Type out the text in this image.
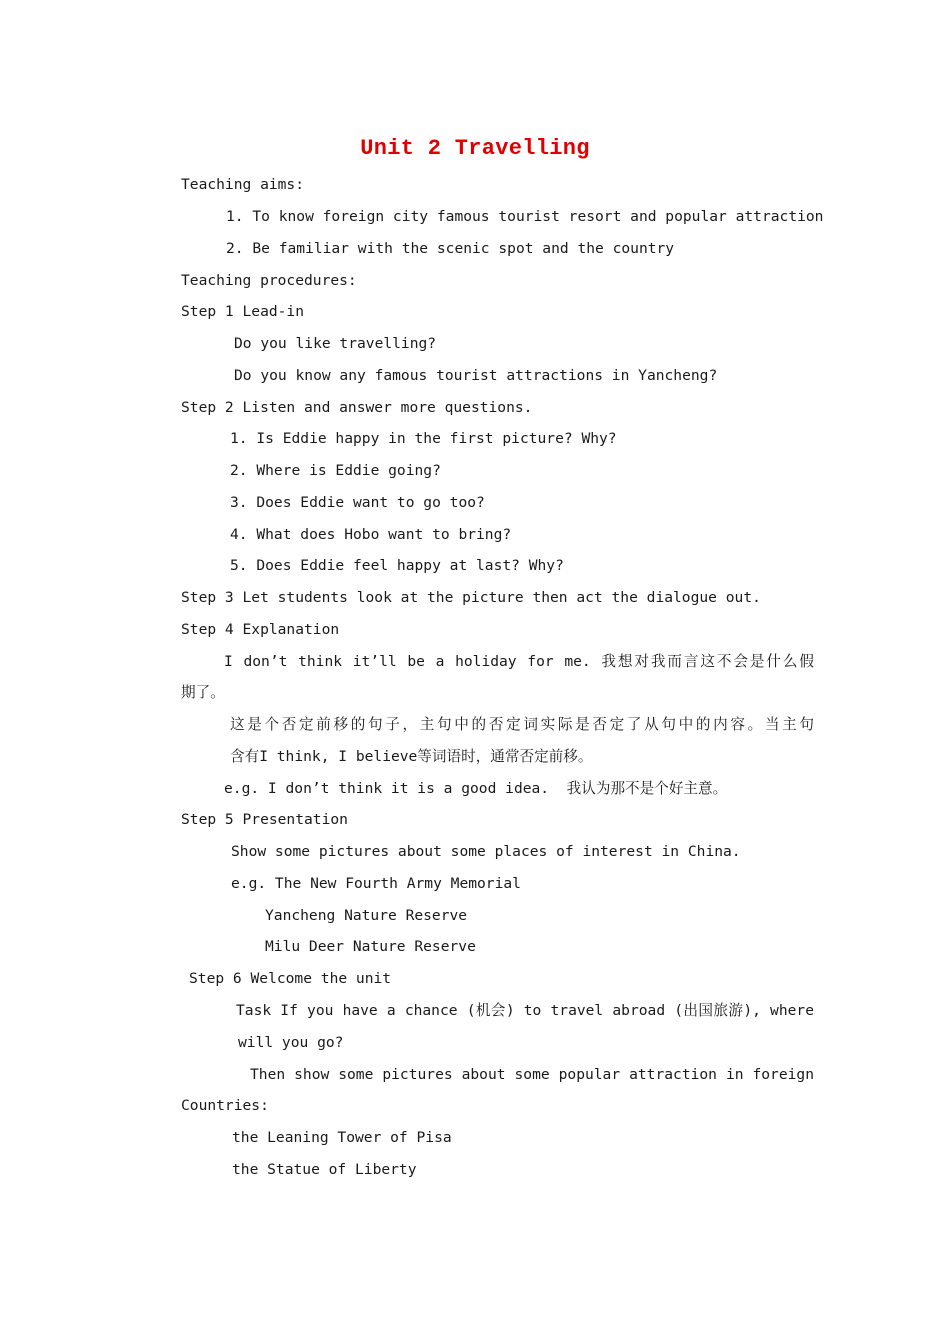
Unit 2 Travelling
Teaching aims:
1. To know foreign city famous tourist resort and popular attraction
2. Be familiar with the scenic spot and the country
Teaching procedures:
Step 1 Lead-in
Do you like travelling?
Do you know any famous tourist attractions in Yancheng?
Step 2 Listen and answer more questions.
1. Is Eddie happy in the first picture? Why?
2. Where is Eddie going?
3. Does Eddie want to go too?
4. What does Hobo want to bring?
5. Does Eddie feel happy at last? Why?
Step 3 Let students look at the picture then act the dialogue out.
Step 4 Explanation
I don’t think it’ll be a holiday for me. 我想对我而言这不会是什么假
期了。
这是个否定前移的句子，主句中的否定词实际是否定了从句中的内容。当主句
含有I think, I believe等词语时，通常否定前移。
e.g. I don’t think it is a good idea.  我认为那不是个好主意。
Step 5 Presentation
Show some pictures about some places of interest in China.
e.g. The New Fourth Army Memorial
Yancheng Nature Reserve
Milu Deer Nature Reserve
Step 6 Welcome the unit
Task If you have a chance (机会) to travel abroad (出国旅游), where
will you go?
Then show some pictures about some popular attraction in foreign
Countries:
the Leaning Tower of Pisa
the Statue of Liberty
